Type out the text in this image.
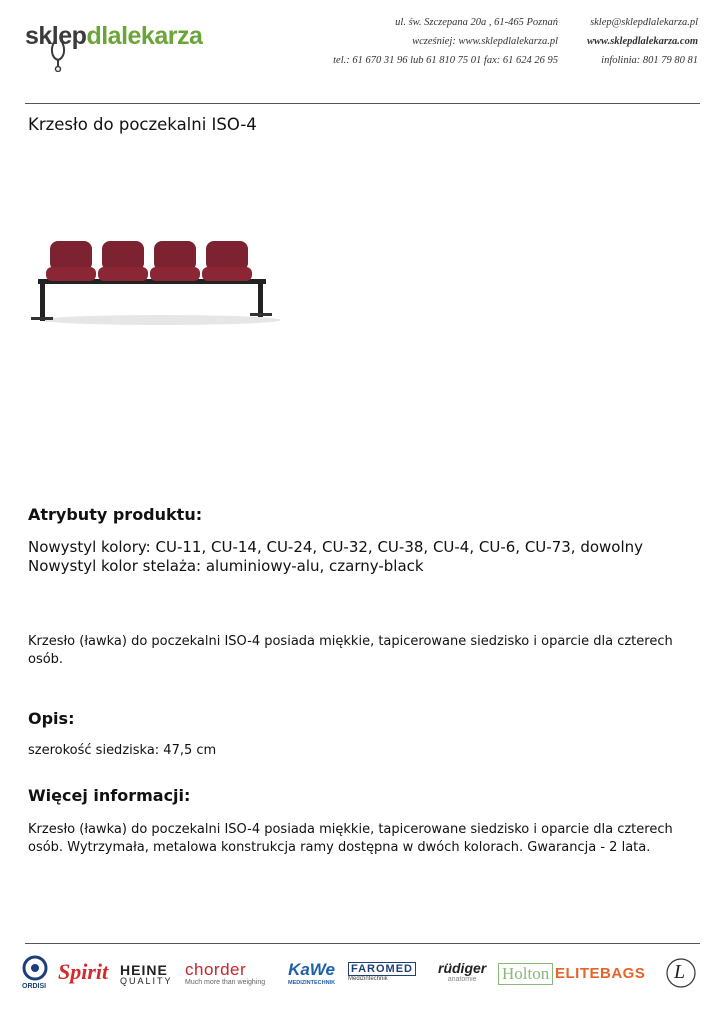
sklepdlalekarza	ul. św. Szczepana 20a , 61-465 Poznań
wcześniej: www.sklepdlalekarza.pl
tel.: 61 670 31 96 lub 61 810 75 01 fax: 61 624 26 95
sklep@sklepdlalekarza.pl
www.sklepdlalekarza.com
infolinia: 801 79 80 81
Krzesło do poczekalni ISO-4
Atrybuty produktu:
Nowystyl kolory: CU-11, CU-14, CU-24, CU-32, CU-38, CU-4, CU-6, CU-73, dowolny
Nowystyl kolor stelaża: aluminiowy-alu, czarny-black
Krzesło (ławka) do poczekalni ISO-4 posiada miękkie, tapicerowane siedzisko i oparcie dla czterech osób.
Opis:
szerokość siedziska: 47,5 cm
Więcej informacji:
Krzesło (ławka) do poczekalni ISO-4 posiada miękkie, tapicerowane siedzisko i oparcie dla czterech osób. Wytrzymała, metalowa konstrukcja ramy dostępna w dwóch kolorach. Gwarancja - 2 lata.
ORDISI
Spirit HEINE
QUALITY
chorder
Much more than weighing
KaWe
MEDIZINTECHNIK
FAROMED
Medizintechnik
rüdiger
anatomie	Holton ELITEBAGS L
